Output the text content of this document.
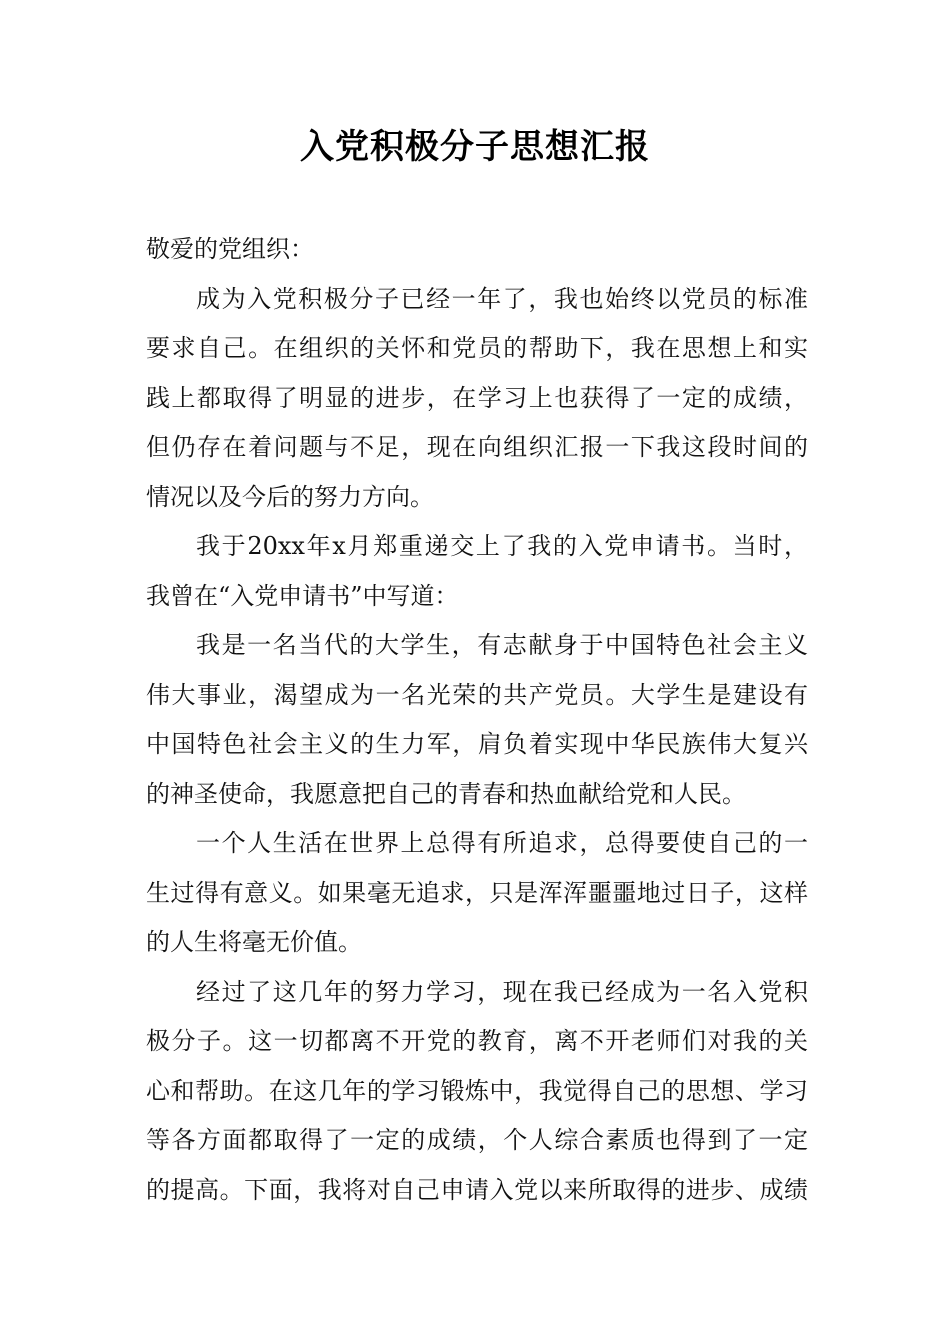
入党积极分子思想汇报
敬爱的党组织：
成为入党积极分子已经一年了，我也始终以党员的标准
要求自己。在组织的关怀和党员的帮助下，我在思想上和实
践上都取得了明显的进步，在学习上也获得了一定的成绩，
但仍存在着问题与不足，现在向组织汇报一下我这段时间的
情况以及今后的努力方向。
我于20xx年x月郑重递交上了我的入党申请书。当时，
我曾在“入党申请书”中写道：
我是一名当代的大学生，有志献身于中国特色社会主义
伟大事业，渴望成为一名光荣的共产党员。大学生是建设有
中国特色社会主义的生力军，肩负着实现中华民族伟大复兴
的神圣使命，我愿意把自己的青春和热血献给党和人民。
一个人生活在世界上总得有所追求，总得要使自己的一
生过得有意义。如果毫无追求，只是浑浑噩噩地过日子，这样
的人生将毫无价值。
经过了这几年的努力学习，现在我已经成为一名入党积
极分子。这一切都离不开党的教育，离不开老师们对我的关
心和帮助。在这几年的学习锻炼中，我觉得自己的思想、学习
等各方面都取得了一定的成绩，个人综合素质也得到了一定
的提高。下面，我将对自己申请入党以来所取得的进步、成绩
